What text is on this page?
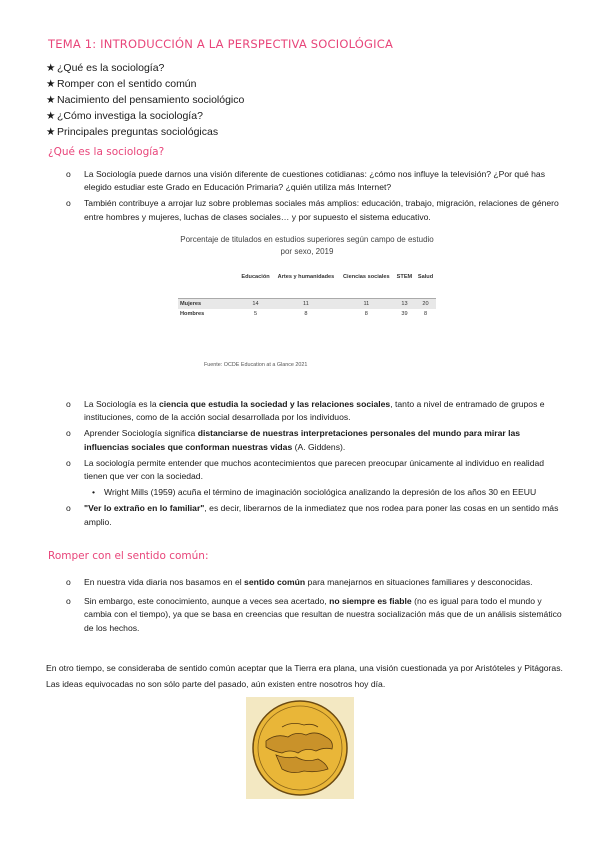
TEMA 1: INTRODUCCIÓN A LA PERSPECTIVA SOCIOLÓGICA
★ ¿Qué es la sociología?
★ Romper con el sentido común
★ Nacimiento del pensamiento sociológico
★ ¿Cómo investiga la sociología?
★ Principales preguntas sociológicas
¿Qué es la sociología?
o La Sociología puede darnos una visión diferente de cuestiones cotidianas: ¿cómo nos influye la televisión? ¿Por qué has elegido estudiar este Grado en Educación Primaria? ¿quién utiliza más Internet?
o También contribuye a arrojar luz sobre problemas sociales más amplios: educación, trabajo, migración, relaciones de género entre hombres y mujeres, luchas de clases sociales… y por supuesto el sistema educativo.
Porcentaje de titulados en estudios superiores según campo de estudio por sexo, 2019
	Educación	Artes y humanidades	Ciencias sociales	STEM	Salud
Mujeres	14	11	11	13	20
Hombres	5	8	8	39	8
Fuente: OCDE Education at a Glance 2021
o La Sociología es la ciencia que estudia la sociedad y las relaciones sociales, tanto a nivel de entramado de grupos e instituciones, como de la acción social desarrollada por los individuos.
o Aprender Sociología significa distanciarse de nuestras interpretaciones personales del mundo para mirar las influencias sociales que conforman nuestras vidas (A. Giddens).
o La sociología permite entender que muchos acontecimientos que parecen preocupar únicamente al individuo en realidad tienen que ver con la sociedad.
• Wright Mills (1959) acuña el término de imaginación sociológica analizando la depresión de los años 30 en EEUU
o "Ver lo extraño en lo familiar", es decir, liberarnos de la inmediatez que nos rodea para poner las cosas en un sentido más amplio.
Romper con el sentido común:
o En nuestra vida diaria nos basamos en el sentido común para manejarnos en situaciones familiares y desconocidas.
o Sin embargo, este conocimiento, aunque a veces sea acertado, no siempre es fiable (no es igual para todo el mundo y cambia con el tiempo), ya que se basa en creencias que resultan de nuestra socialización más que de un análisis sistemático de los hechos.
En otro tiempo, se consideraba de sentido común aceptar que la Tierra era plana, una visión cuestionada ya por Aristóteles y Pitágoras. Las ideas equivocadas no son sólo parte del pasado, aún existen entre nosotros hoy día.
